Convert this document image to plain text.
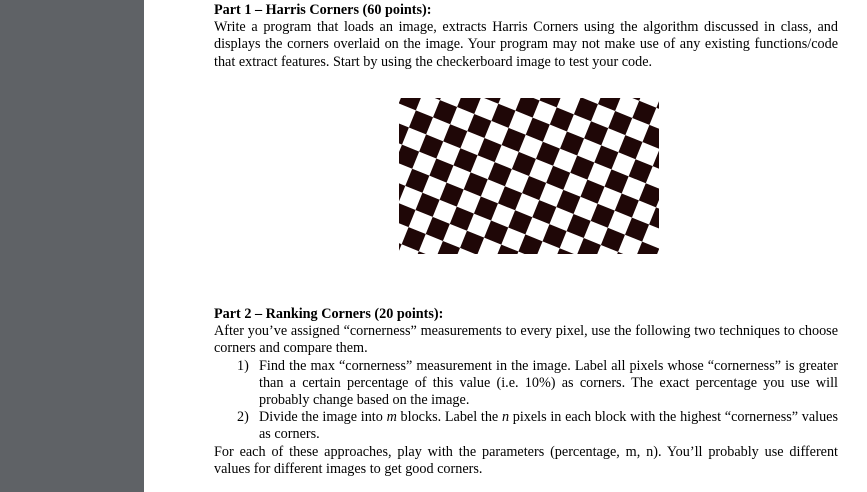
Part 1 – Harris Corners (60 points):
Write a program that loads an image, extracts Harris Corners using the algorithm discussed in class, and displays the corners overlaid on the image. Your program may not make use of any existing functions/code that extract features. Start by using the checkerboard image to test your code.
Part 2 – Ranking Corners (20 points):
After you’ve assigned “cornerness” measurements to every pixel, use the following two techniques to choose corners and compare them.
1) Find the max “cornerness” measurement in the image. Label all pixels whose “cornerness” is greater than a certain percentage of this value (i.e. 10%) as corners. The exact percentage you use will probably change based on the image.
2) Divide the image into m blocks. Label the n pixels in each block with the highest “cornerness” values as corners.
For each of these approaches, play with the parameters (percentage, m, n). You’ll probably use different values for different images to get good corners.
